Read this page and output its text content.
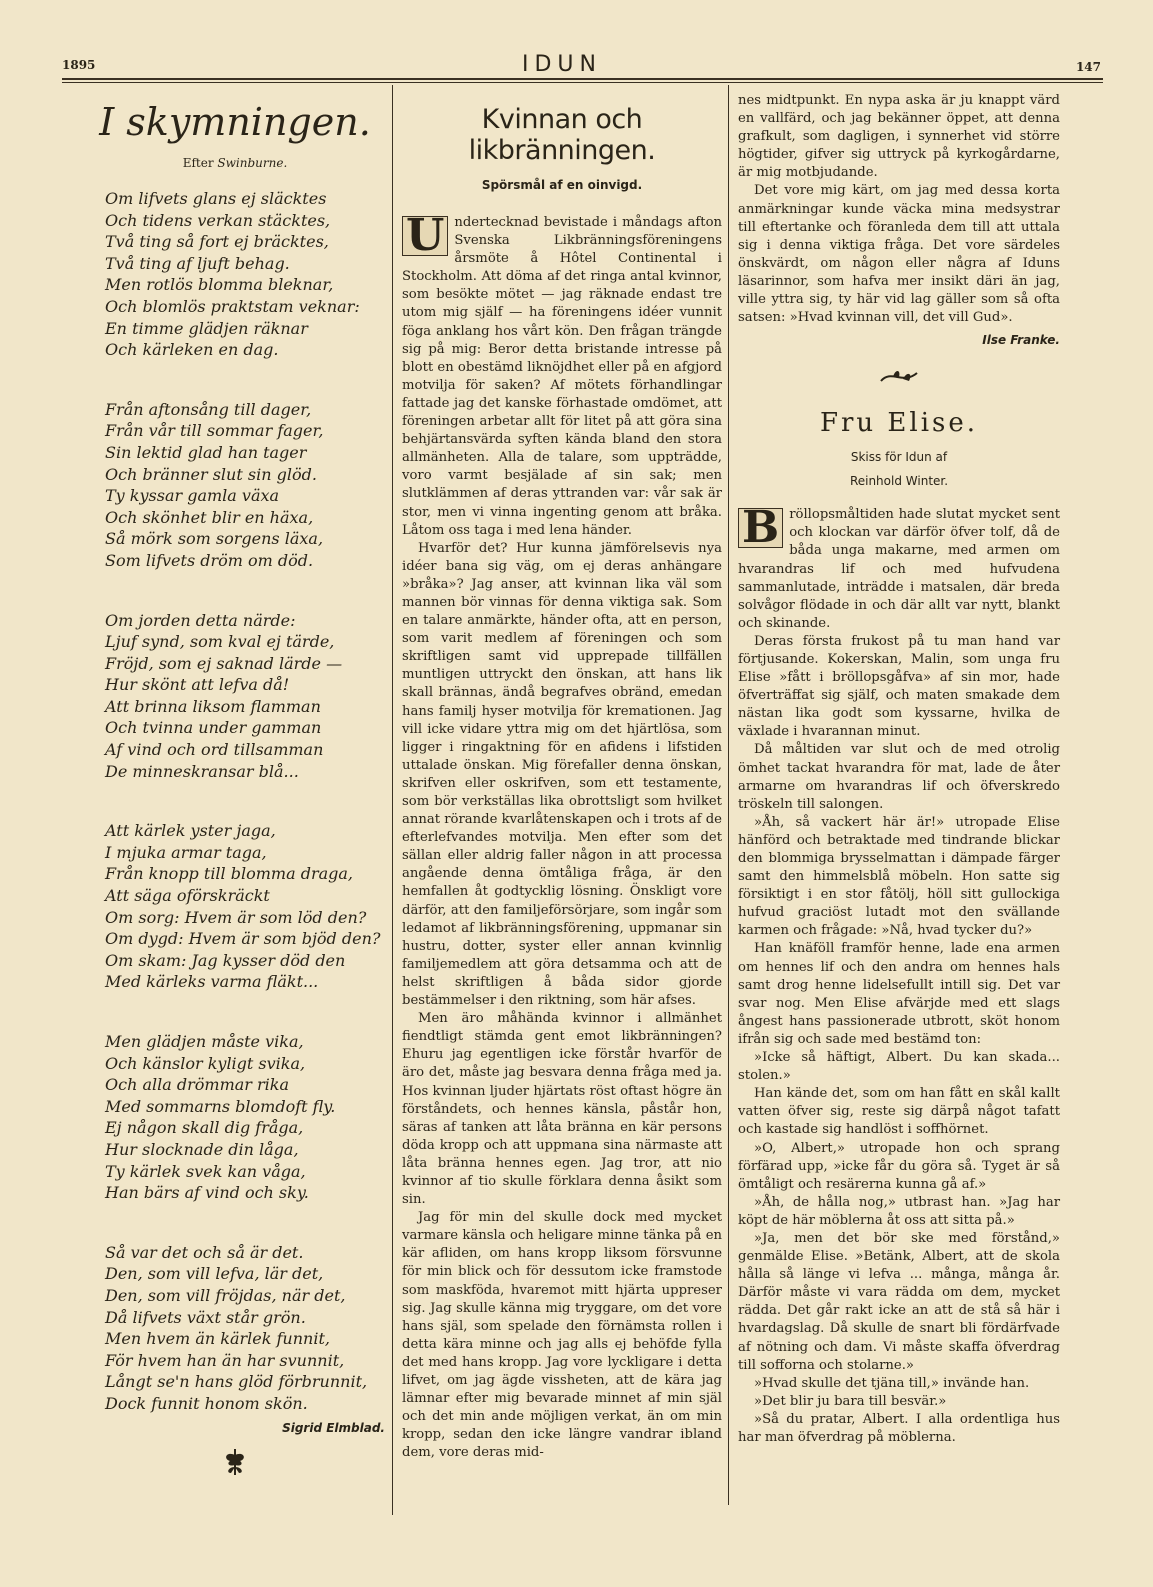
1895	IDUN	147
I skymningen.
Efter Swinburne.
Om lifvets glans ej släcktes
Och tidens verkan stäcktes,
Två ting så fort ej bräcktes,
Två ting af ljuft behag.
Men rotlös blomma bleknar,
Och blomlös praktstam veknar:
En timme glädjen räknar
Och kärleken en dag.
Från aftonsång till dager,
Från vår till sommar fager,
Sin lektid glad han tager
Och bränner slut sin glöd.
Ty kyssar gamla växa
Och skönhet blir en häxa,
Så mörk som sorgens läxa,
Som lifvets dröm om död.
Om jorden detta närde:
Ljuf synd, som kval ej tärde,
Fröjd, som ej saknad lärde —
Hur skönt att lefva då!
Att brinna liksom flamman
Och tvinna under gamman
Af vind och ord tillsamman
De minneskransar blå...
Att kärlek yster jaga,
I mjuka armar taga,
Från knopp till blomma draga,
Att säga oförskräckt
Om sorg: Hvem är som löd den?
Om dygd: Hvem är som bjöd den?
Om skam: Jag kysser död den
Med kärleks varma fläkt...
Men glädjen måste vika,
Och känslor kyligt svika,
Och alla drömmar rika
Med sommarns blomdoft fly.
Ej någon skall dig fråga,
Hur slocknade din låga,
Ty kärlek svek kan våga,
Han bärs af vind och sky.
Så var det och så är det.
Den, som vill lefva, lär det,
Den, som vill fröjdas, när det,
Då lifvets växt står grön.
Men hvem än kärlek funnit,
För hvem han än har svunnit,
Långt se'n hans glöd förbrunnit,
Dock funnit honom skön.
Sigrid Elmblad.
Kvinnan och likbränningen.
Spörsmål af en oinvigd.

U ndertecknad bevistade i måndags afton Svenska Likbränningsföreningens årsmöte å Hôtel Continental i Stockholm. Att döma af det ringa antal kvinnor, som besökte mötet — jag räknade endast tre utom mig själf — ha föreningens idéer vunnit föga anklang hos vårt kön. Den frågan trängde sig på mig: Beror detta bristande intresse på blott en obestämd liknöjdhet eller på en afgjord motvilja för saken? Af mötets förhandlingar fattade jag det kanske förhastade omdömet, att föreningen arbetar allt för litet på att göra sina behjärtansvärda syften kända bland den stora allmänheten. Alla de talare, som uppträdde, voro varmt besjälade af sin sak; men slutklämmen af deras yttranden var: vår sak är stor, men vi vinna ingenting genom att bråka. Låtom oss taga i med lena händer.

Hvarför det? Hur kunna jämförelsevis nya idéer bana sig väg, om ej deras anhängare »bråka»? Jag anser, att kvinnan lika väl som mannen bör vinnas för denna viktiga sak. Som en talare anmärkte, händer ofta, att en person, som varit medlem af föreningen och som skriftligen samt vid upprepade tillfällen muntligen uttryckt den önskan, att hans lik skall brännas, ändå begrafves obränd, emedan hans familj hyser motvilja för kremationen. Jag vill icke vidare yttra mig om det hjärtlösa, som ligger i ringaktning för en afidens i lifstiden uttalade önskan. Mig förefaller denna önskan, skrifven eller oskrifven, som ett testamente, som bör verkställas lika obrottsligt som hvilket annat rörande kvarlåtenskapen och i trots af de efterlefvandes motvilja. Men efter som det sällan eller aldrig faller någon in att processa angående denna ömtåliga fråga, är den hemfallen åt godtycklig lösning. Önskligt vore därför, att den familjeförsörjare, som ingår som ledamot af likbränningsförening, uppmanar sin hustru, dotter, syster eller annan kvinnlig familjemedlem att göra detsamma och att de helst skriftligen å båda sidor gjorde bestämmelser i den riktning, som här afses.

Men äro måhända kvinnor i allmänhet fiendtligt stämda gent emot likbränningen? Ehuru jag egentligen icke förstår hvarför de äro det, måste jag besvara denna fråga med ja. Hos kvinnan ljuder hjärtats röst oftast högre än förståndets, och hennes känsla, påstår hon, säras af tanken att låta bränna en kär persons döda kropp och att uppmana sina närmaste att låta bränna hennes egen. Jag tror, att nio kvinnor af tio skulle förklara denna åsikt som sin.

Jag för min del skulle dock med mycket varmare känsla och heligare minne tänka på en kär afliden, om hans kropp liksom försvunne för min blick och för dessutom icke framstode som maskföda, hvaremot mitt hjärta uppreser sig. Jag skulle känna mig tryggare, om det vore hans själ, som spelade den förnämsta rollen i detta kära minne och jag alls ej behöfde fylla det med hans kropp. Jag vore lyckligare i detta lifvet, om jag ägde vissheten, att de kära jag lämnar efter mig bevarade minnet af min själ och det min ande möjligen verkat, än om min kropp, sedan den icke längre vandrar ibland dem, vore deras mid-

nes midtpunkt. En nypa aska är ju knappt värd en vallfärd, och jag bekänner öppet, att denna grafkult, som dagligen, i synnerhet vid större högtider, gifver sig uttryck på kyrkogårdarne, är mig motbjudande.

Det vore mig kärt, om jag med dessa korta anmärkningar kunde väcka mina medsystrar till eftertanke och föranleda dem till att uttala sig i denna viktiga fråga. Det vore särdeles önskvärdt, om någon eller några af Iduns läsarinnor, som hafva mer insikt däri än jag, ville yttra sig, ty här vid lag gäller som så ofta satsen: »Hvad kvinnan vill, det vill Gud».

Ilse Franke.
Fru Elise.
Skiss för Idun af
Reinhold Winter.

B röllopsmåltiden hade slutat mycket sent och klockan var därför öfver tolf, då de båda unga makarne, med armen om hvarandras lif och med hufvudena sammanlutade, inträdde i matsalen, där breda solvågor flödade in och där allt var nytt, blankt och skinande.

Deras första frukost på tu man hand var förtjusande. Kokerskan, Malin, som unga fru Elise »fått i bröllopsgåfva» af sin mor, hade öfverträffat sig själf, och maten smakade dem nästan lika godt som kyssarne, hvilka de växlade i hvarannan minut.

Då måltiden var slut och de med otrolig ömhet tackat hvarandra för mat, lade de åter armarne om hvarandras lif och öfverskredo tröskeln till salongen.

»Åh, så vackert här är!» utropade Elise hänförd och betraktade med tindrande blickar den blommiga brysselmattan i dämpade färger samt den himmelsblå möbeln. Hon satte sig försiktigt i en stor fåtölj, höll sitt gullockiga hufvud graciöst lutadt mot den svällande karmen och frågade: »Nå, hvad tycker du?»

Han knäföll framför henne, lade ena armen om hennes lif och den andra om hennes hals samt drog henne lidelsefullt intill sig. Det var svar nog. Men Elise afvärjde med ett slags ångest hans passionerade utbrott, sköt honom ifrån sig och sade med bestämd ton:

»Icke så häftigt, Albert. Du kan skada... stolen.»

Han kände det, som om han fått en skål kallt vatten öfver sig, reste sig därpå något tafatt och kastade sig handlöst i soffhörnet.

»O, Albert,» utropade hon och sprang förfärad upp, »icke får du göra så. Tyget är så ömtåligt och resärerna kunna gå af.»

»Åh, de hålla nog,» utbrast han. »Jag har köpt de här möblerna åt oss att sitta på.»

»Ja, men det bör ske med förstånd,» genmälde Elise. »Betänk, Albert, att de skola hålla så länge vi lefva ... många, många år. Därför måste vi vara rädda om dem, mycket rädda. Det går rakt icke an att de stå så här i hvardagslag. Då skulle de snart bli fördärfvade af nötning och dam. Vi måste skaffa öfverdrag till sofforna och stolarne.»

»Hvad skulle det tjäna till,» invände han.

»Det blir ju bara till besvär.»

»Så du pratar, Albert. I alla ordentliga hus har man öfverdrag på möblerna.
